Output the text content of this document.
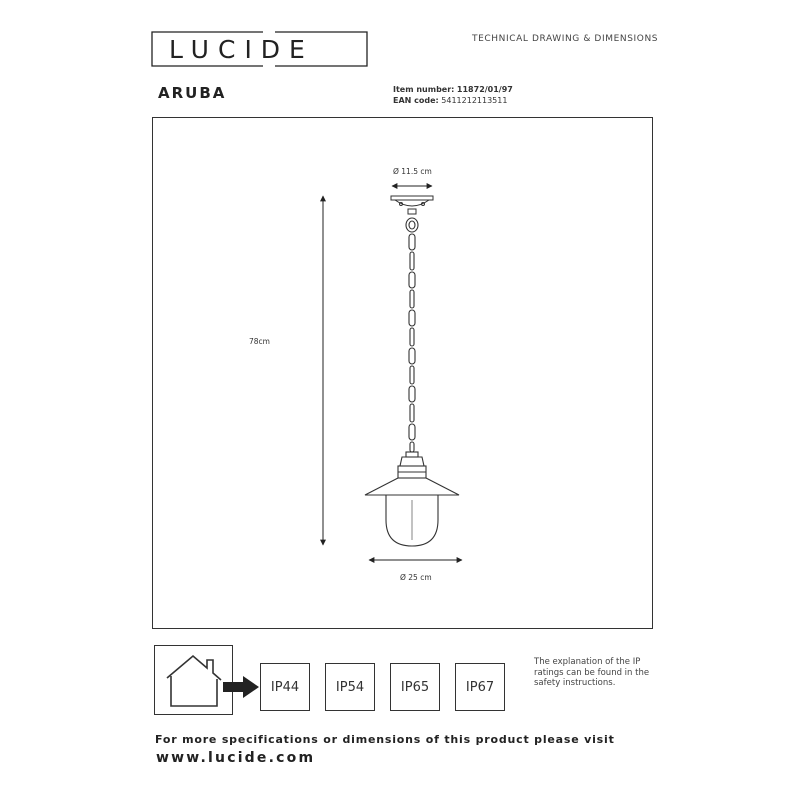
LUCIDE	TECHNICAL DRAWING & DIMENSIONS
ARUBA	Item number: 11872/01/97
EAN code: 5411212113511
Ø 11.5 cm
78cm
Ø 25 cm
IP44	IP54	IP65	IP67
The explanation of the IP ratings can be found in the safety instructions.
For more specifications or dimensions of this product please visit
www.lucide.com
